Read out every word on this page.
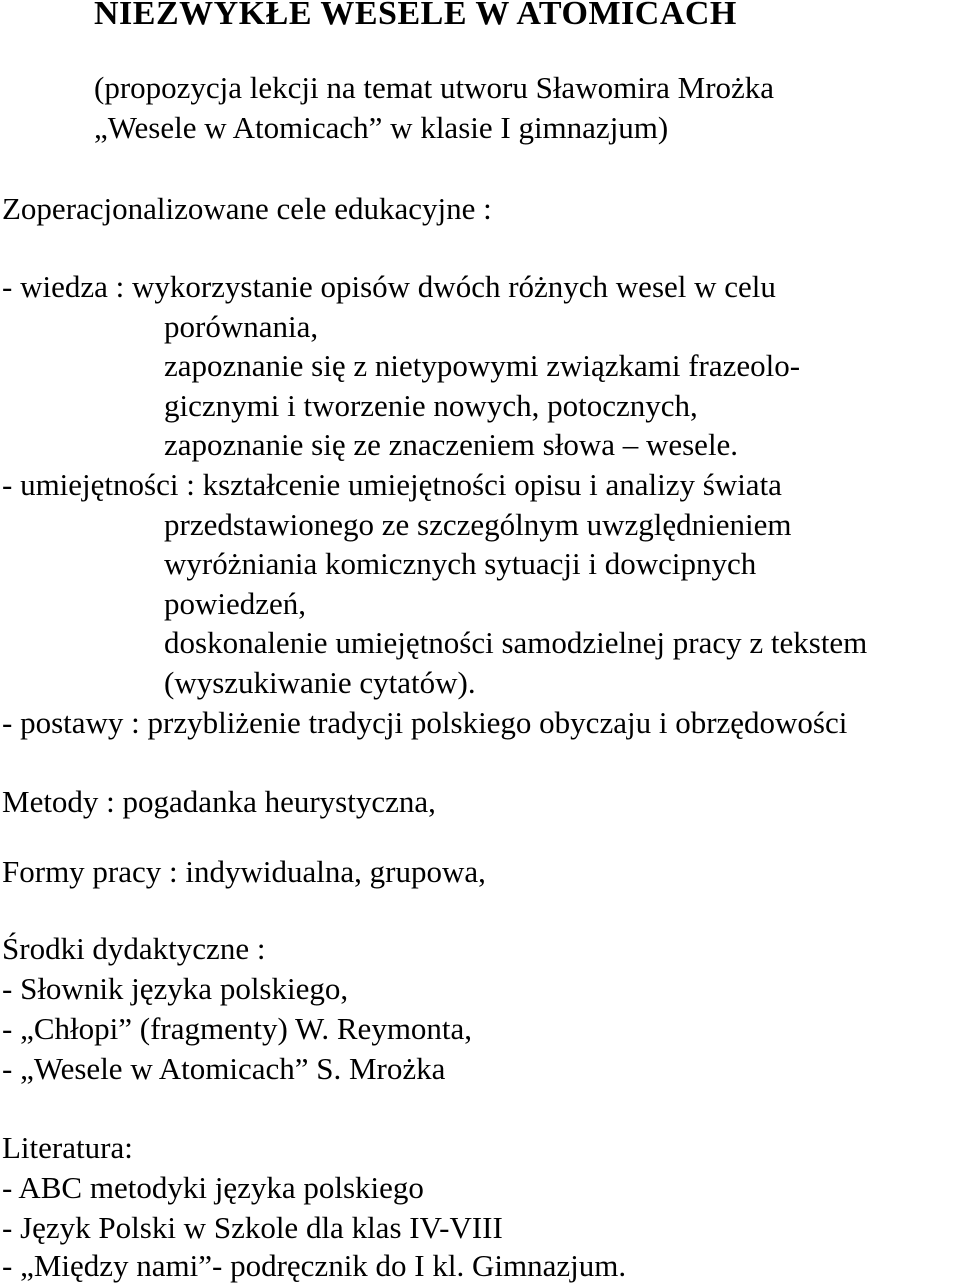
NIEZWYKŁE WESELE W ATOMICACH
(propozycja lekcji na temat utworu Sławomira Mrożka
„Wesele w Atomicach” w klasie I gimnazjum)
Zoperacjonalizowane cele edukacyjne :
- wiedza : wykorzystanie opisów dwóch różnych wesel w celu
porównania,
zapoznanie się z nietypowymi związkami frazeolo-
gicznymi i tworzenie nowych, potocznych,
zapoznanie się ze znaczeniem słowa – wesele.
- umiejętności : kształcenie umiejętności opisu i analizy świata
przedstawionego ze szczególnym uwzględnieniem
wyróżniania komicznych sytuacji i dowcipnych
powiedzeń,
doskonalenie umiejętności samodzielnej pracy z tekstem
(wyszukiwanie cytatów).
- postawy : przybliżenie tradycji polskiego obyczaju i obrzędowości
Metody : pogadanka heurystyczna,
Formy pracy : indywidualna, grupowa,
Środki dydaktyczne :
- Słownik języka polskiego,
- „Chłopi” (fragmenty) W. Reymonta,
- „Wesele w Atomicach” S. Mrożka
Literatura:
- ABC metodyki języka polskiego
- Język Polski w Szkole dla klas IV-VIII
- „Między nami”- podręcznik do I kl. Gimnazjum.
